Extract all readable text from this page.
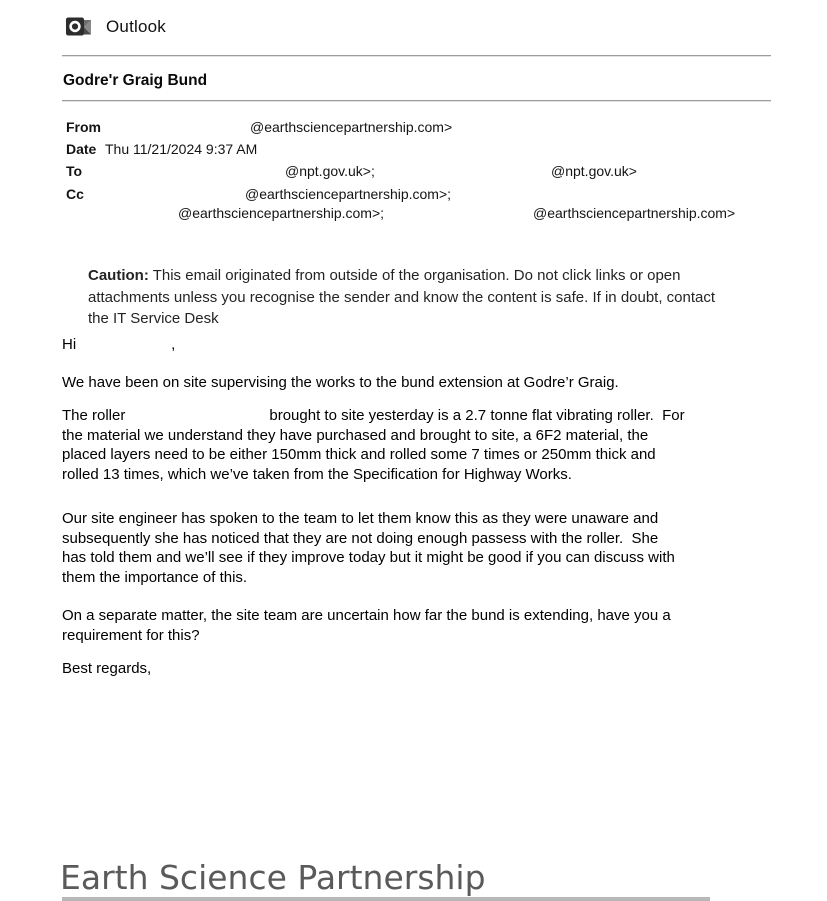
Outlook
Godre'r Graig Bund
From	@earthsciencepartnership.com>
Date Thu 11/21/2024 9:37 AM
To	@npt.gov.uk>;	@npt.gov.uk>
Cc	@earthsciencepartnership.com>;
@earthsciencepartnership.com>;	@earthsciencepartnership.com>
Caution: This email originated from outside of the organisation. Do not click links or open
attachments unless you recognise the sender and know the content is safe. If in doubt, contact
the IT Service Desk
Hi	,
We have been on site supervising the works to the bund extension at Godre’r Graig.
The roller	brought to site yesterday is a 2.7 tonne flat vibrating roller.  For
the material we understand they have purchased and brought to site, a 6F2 material, the
placed layers need to be either 150mm thick and rolled some 7 times or 250mm thick and
rolled 13 times, which we’ve taken from the Specification for Highway Works.
Our site engineer has spoken to the team to let them know this as they were unaware and
subsequently she has noticed that they are not doing enough passess with the roller.  She
has told them and we’ll see if they improve today but it might be good if you can discuss with
them the importance of this.
On a separate matter, the site team are uncertain how far the bund is extending, have you a
requirement for this?
Best regards,
Earth Science Partnership
